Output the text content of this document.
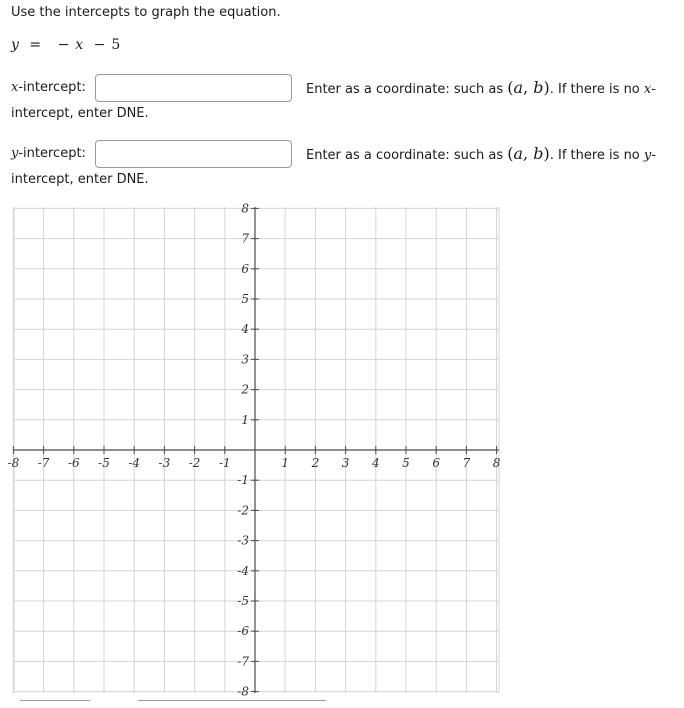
Use the intercepts to graph the equation.
y = − x − 5
x-intercept:	Enter as a coordinate: such as (a, b). If there is no x-
intercept, enter DNE.
y-intercept:	Enter as a coordinate: such as (a, b). If there is no y-
intercept, enter DNE.
-8 -7 -6 -5 -4 -3 -2 -1	1 2 3 4 5 6 7 8
8
7
6
5
4
3
2
1
-1
-2
-3
-4
-5
-6
-7
-8
